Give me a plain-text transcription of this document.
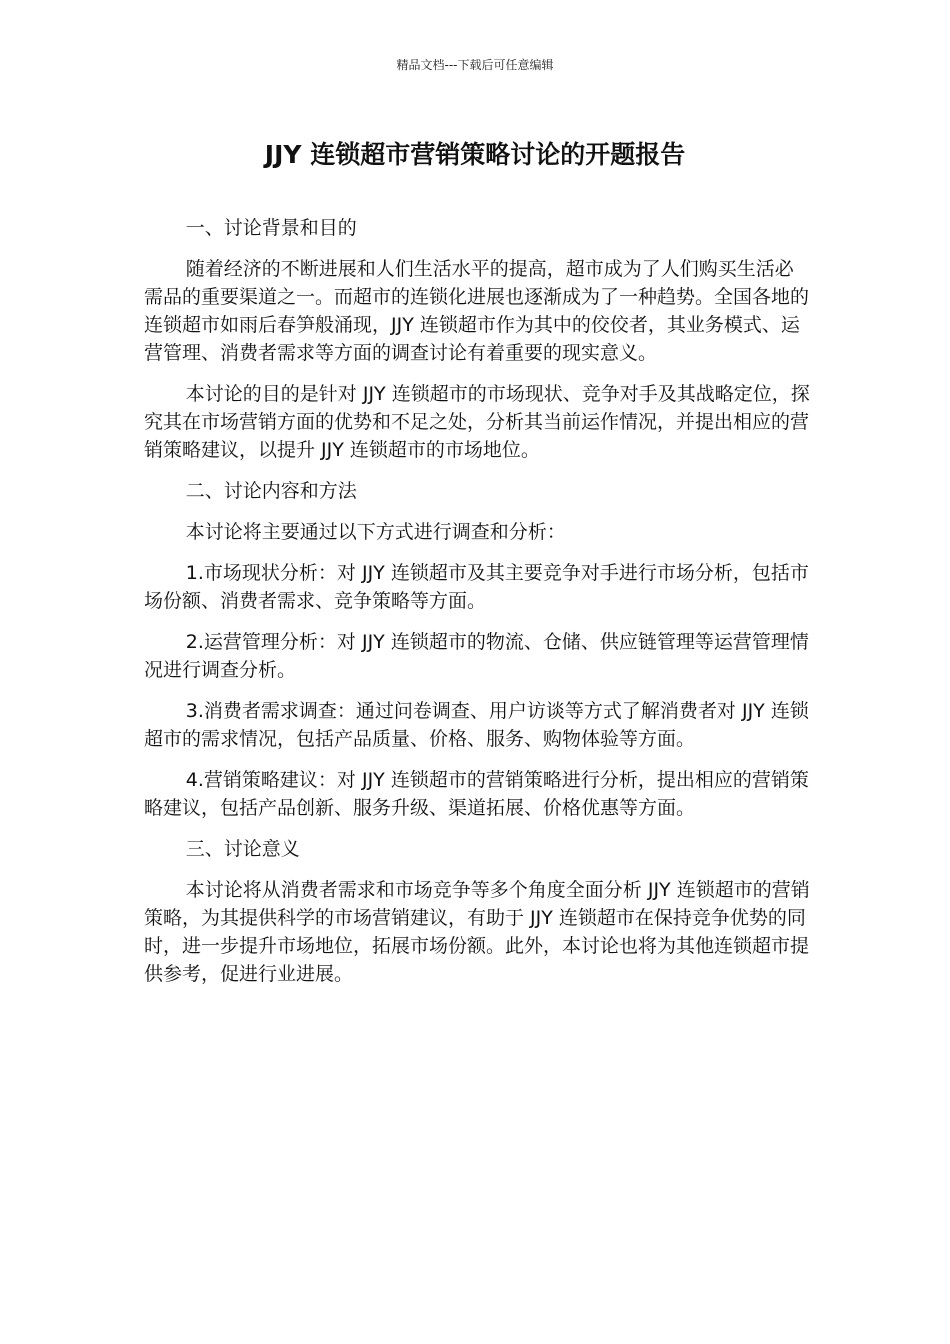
精品文档---下载后可任意编辑
JJY 连锁超市营销策略讨论的开题报告

一、讨论背景和目的

随着经济的不断进展和人们生活水平的提高，超市成为了人们购买生活必需品的重要渠道之一。而超市的连锁化进展也逐渐成为了一种趋势。全国各地的连锁超市如雨后春笋般涌现，JJY 连锁超市作为其中的佼佼者，其业务模式、运营管理、消费者需求等方面的调查讨论有着重要的现实意义。

本讨论的目的是针对 JJY 连锁超市的市场现状、竞争对手及其战略定位，探究其在市场营销方面的优势和不足之处，分析其当前运作情况，并提出相应的营销策略建议，以提升 JJY 连锁超市的市场地位。

二、讨论内容和方法

本讨论将主要通过以下方式进行调查和分析：

1.市场现状分析：对 JJY 连锁超市及其主要竞争对手进行市场分析，包括市场份额、消费者需求、竞争策略等方面。

2.运营管理分析：对 JJY 连锁超市的物流、仓储、供应链管理等运营管理情况进行调查分析。

3.消费者需求调查：通过问卷调查、用户访谈等方式了解消费者对 JJY 连锁超市的需求情况，包括产品质量、价格、服务、购物体验等方面。

4.营销策略建议：对 JJY 连锁超市的营销策略进行分析，提出相应的营销策略建议，包括产品创新、服务升级、渠道拓展、价格优惠等方面。

三、讨论意义

本讨论将从消费者需求和市场竞争等多个角度全面分析 JJY 连锁超市的营销策略，为其提供科学的市场营销建议，有助于 JJY 连锁超市在保持竞争优势的同时，进一步提升市场地位，拓展市场份额。此外，本讨论也将为其他连锁超市提供参考，促进行业进展。
